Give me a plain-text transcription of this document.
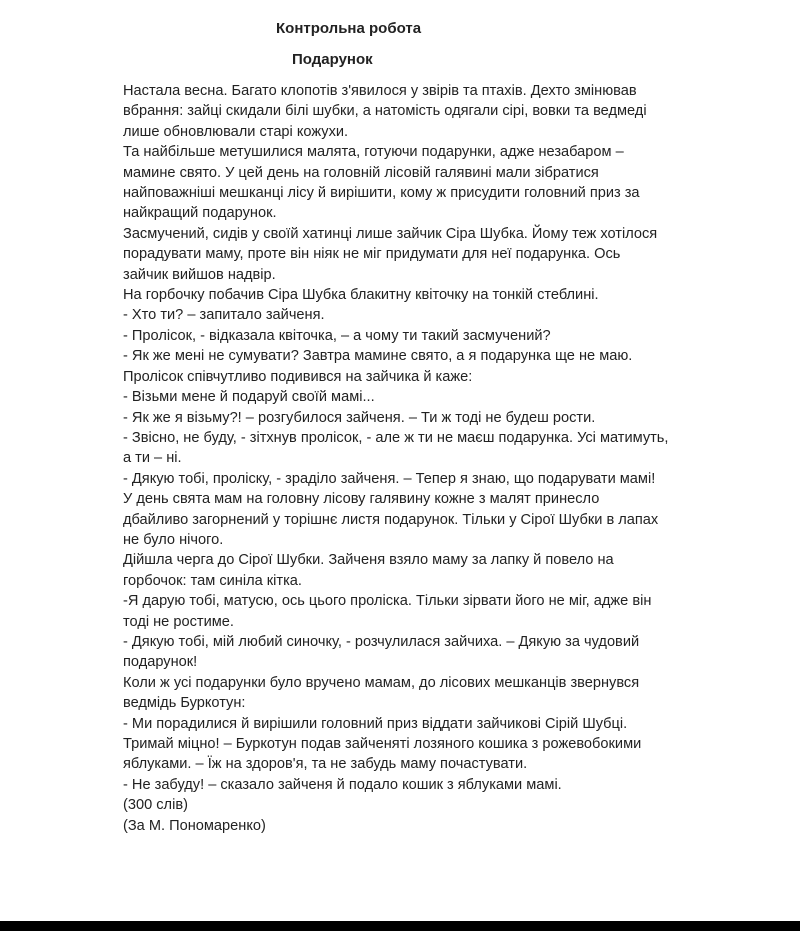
Контрольна робота
Подарунок
Настала весна. Багато клопотів з'явилося у звірів та птахів. Дехто змінював
вбрання: зайці скидали білі шубки, а натомість одягали сірі, вовки та ведмеді
лише обновлювали старі кожухи.
Та найбільше метушилися малята, готуючи подарунки, адже незабаром –
мамине свято. У цей день на головній лісовій галявині мали зібратися
найповажніші мешканці лісу й вирішити, кому ж присудити головний приз за
найкращий подарунок.
Засмучений, сидів у своїй хатинці лише зайчик Сіра Шубка. Йому теж хотілося
порадувати маму, проте він ніяк не міг придумати для неї подарунка. Ось
зайчик вийшов надвір.
На горбочку побачив Сіра Шубка блакитну квіточку на тонкій стеблині.
- Хто ти? – запитало зайченя.
- Пролісок, - відказала квіточка, – а чому ти такий засмучений?
- Як же мені не сумувати? Завтра мамине свято, а я подарунка ще не маю.
Пролісок співчутливо подивився на зайчика й каже:
- Візьми мене й подаруй своїй мамі...
- Як же я візьму?! – розгубилося зайченя. – Ти ж тоді не будеш рости.
- Звісно, не буду, - зітхнув пролісок, - але ж ти не маєш подарунка. Усі матимуть,
а ти – ні.
- Дякую тобі, проліску, - зраділо зайченя. – Тепер я знаю, що подарувати мамі!
У день свята мам на головну лісову галявину кожне з малят принесло
дбайливо загорнений у торішнє листя подарунок. Тільки у Сірої Шубки в лапах
не було нічого.
Дійшла черга до Сірої Шубки. Зайченя взяло маму за лапку й повело на
горбочок: там синіла кітка.
-Я дарую тобі, матусю, ось цього проліска. Тільки зірвати його не міг, адже він
тоді не ростиме.
- Дякую тобі, мій любий синочку, - розчулилася зайчиха. – Дякую за чудовий
подарунок!
Коли ж усі подарунки було вручено мамам, до лісових мешканців звернувся
ведмідь Буркотун:
- Ми порадилися й вирішили головний приз віддати зайчикові Сірій Шубці.
Тримай міцно! – Буркотун подав зайченяті лозяного кошика з рожевобокими
яблуками. – Їж на здоров'я, та не забудь маму почастувати.
- Не забуду! – сказало зайченя й подало кошик з яблуками мамі.
(300 слів)
(За М. Пономаренко)
